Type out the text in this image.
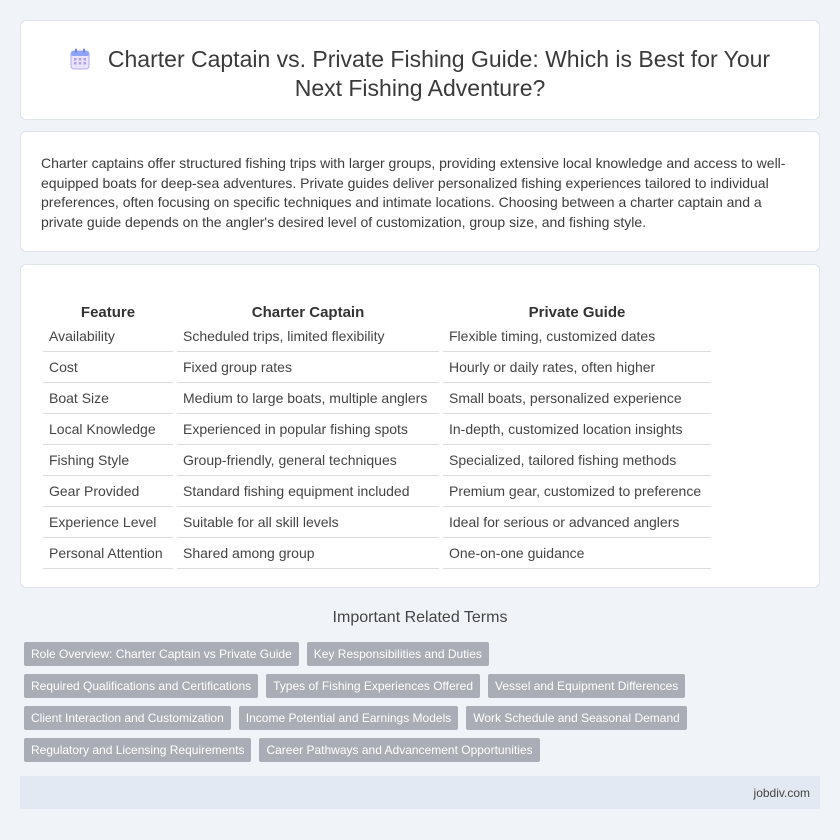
Charter Captain vs. Private Fishing Guide: Which is Best for Your
Next Fishing Adventure?

Charter captains offer structured fishing trips with larger groups, providing extensive local knowledge and access to well-equipped boats for deep-sea adventures. Private guides deliver personalized fishing experiences tailored to individual preferences, often focusing on specific techniques and intimate locations. Choosing between a charter captain and a private guide depends on the angler's desired level of customization, group size, and fishing style.

Feature		Charter Captain		Private Guide
Availability		Scheduled trips, limited flexibility		Flexible timing, customized dates
Cost		Fixed group rates		Hourly or daily rates, often higher
Boat Size		Medium to large boats, multiple anglers		Small boats, personalized experience
Local Knowledge		Experienced in popular fishing spots		In-depth, customized location insights
Fishing Style		Group-friendly, general techniques		Specialized, tailored fishing methods
Gear Provided		Standard fishing equipment included		Premium gear, customized to preference
Experience Level		Suitable for all skill levels		Ideal for serious or advanced anglers
Personal Attention		Shared among group		One-on-one guidance
Important Related Terms
Role Overview: Charter Captain vs Private Guide	Key Responsibilities and Duties
Required Qualifications and Certifications	Types of Fishing Experiences Offered	Vessel and Equipment Differences
Client Interaction and Customization	Income Potential and Earnings Models	Work Schedule and Seasonal Demand
Regulatory and Licensing Requirements	Career Pathways and Advancement Opportunities
jobdiv.com
